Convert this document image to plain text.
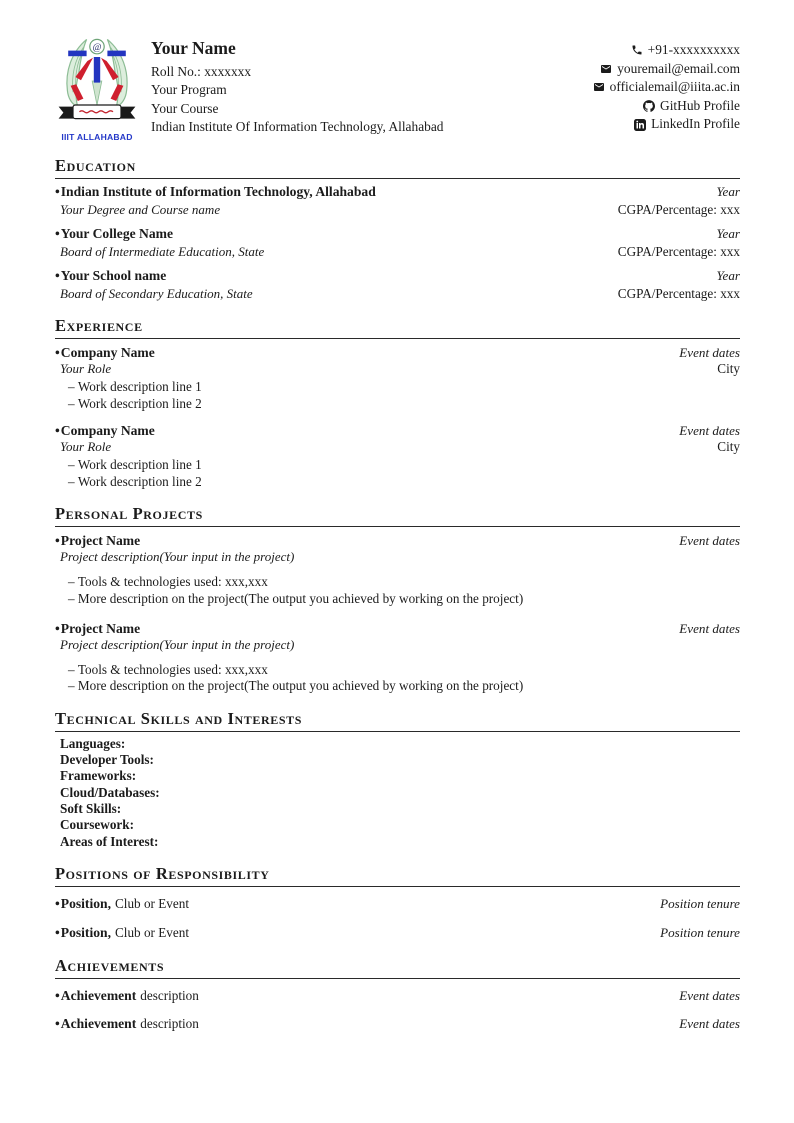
@
IIIT ALLAHABAD
Your Name
Roll No.: xxxxxxx
Your Program
Your Course
Indian Institute Of Information Technology, Allahabad
+91-xxxxxxxxxx
youremail@email.com
officialemail@iiita.ac.in
GitHub Profile
LinkedIn Profile
Education
• Indian Institute of Information Technology, Allahabad	Year
Your Degree and Course name	CGPA/Percentage: xxx
• Your College Name	Year
Board of Intermediate Education, State	CGPA/Percentage: xxx
• Your School name	Year
Board of Secondary Education, State	CGPA/Percentage: xxx
Experience
• Company Name	Event dates
Your Role	City
– Work description line 1
– Work description line 2
• Company Name	Event dates
Your Role	City
– Work description line 1
– Work description line 2
Personal Projects
• Project Name	Event dates
Project description(Your input in the project)
– Tools & technologies used: xxx,xxx
– More description on the project(The output you achieved by working on the project)
• Project Name	Event dates
Project description(Your input in the project)
– Tools & technologies used: xxx,xxx
– More description on the project(The output you achieved by working on the project)
Technical Skills and Interests
Languages:
Developer Tools:
Frameworks:
Cloud/Databases:
Soft Skills:
Coursework:
Areas of Interest:
Positions of Responsibility
• Position, Club or Event	Position tenure
• Position, Club or Event	Position tenure
Achievements
• Achievement description	Event dates
• Achievement description	Event dates
